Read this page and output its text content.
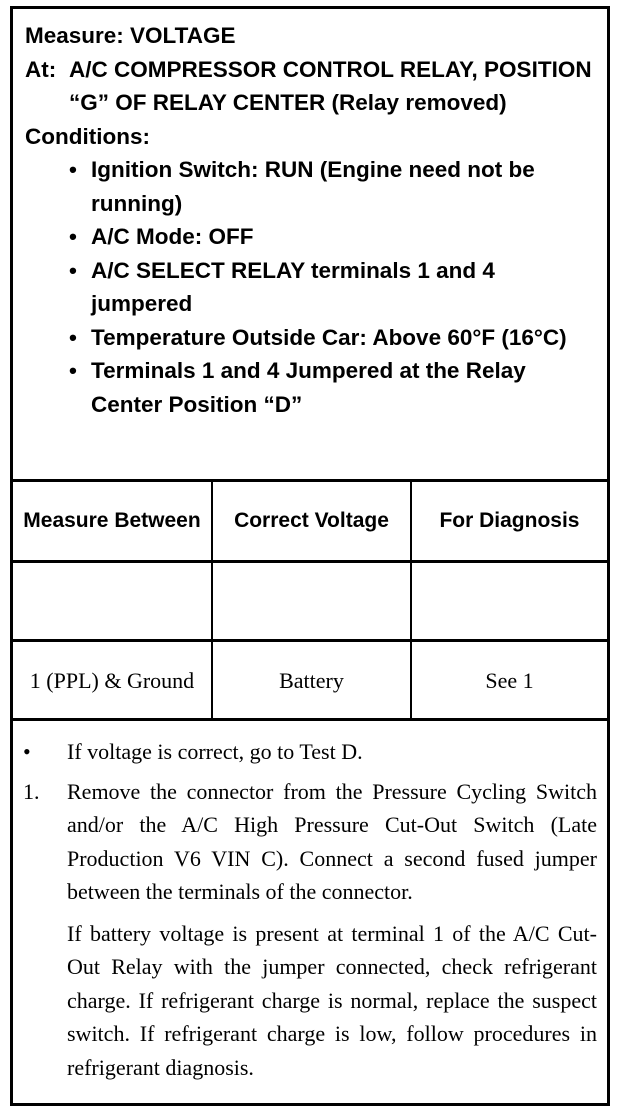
Measure: VOLTAGE
At: A/C COMPRESSOR CONTROL RELAY, POSITION “G” OF RELAY CENTER (Relay removed)
Conditions:
• Ignition Switch: RUN (Engine need not be running)
• A/C Mode: OFF
• A/C SELECT RELAY terminals 1 and 4 jumpered
• Temperature Outside Car: Above 60°F (16°C)
• Terminals 1 and 4 Jumpered at the Relay Center Position “D”
Measure Between	Correct Voltage	For Diagnosis

1 (PPL) & Ground	Battery	See 1
•	If voltage is correct, go to Test D.
1.	Remove the connector from the Pressure Cycling Switch and/or the A/C High Pressure Cut-Out Switch (Late Production V6 VIN C). Connect a second fused jumper between the terminals of the connector.

If battery voltage is present at terminal 1 of the A/C Cut-Out Relay with the jumper connected, check refrigerant charge. If refrigerant charge is normal, replace the suspect switch. If refrigerant charge is low, follow procedures in refrigerant diagnosis.
